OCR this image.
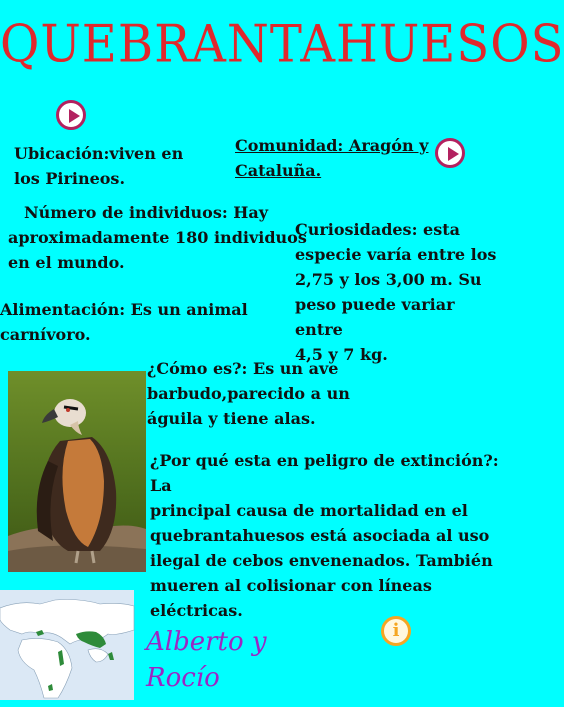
QUEBRANTAHUESOS
Ubicación:viven en
los Pirineos.
Comunidad: Aragón y
Cataluña.
Número de individuos: Hay
aproximadamente 180 individuos
en el mundo.
Curiosidades: esta
especie varía entre los
2,75 y los 3,00 m. Su
peso puede variar entre
4,5 y 7 kg.
Alimentación: Es un animal
carnívoro.
¿Cómo es?: Es un ave
barbudo,parecido a un
águila y tiene alas.
¿Por qué esta en peligro de extinción?: La
principal causa de mortalidad en el
quebrantahuesos está asociada al uso
ilegal de cebos envenenados. También
mueren al colisionar con líneas eléctricas.
Alberto y
Rocío
i
